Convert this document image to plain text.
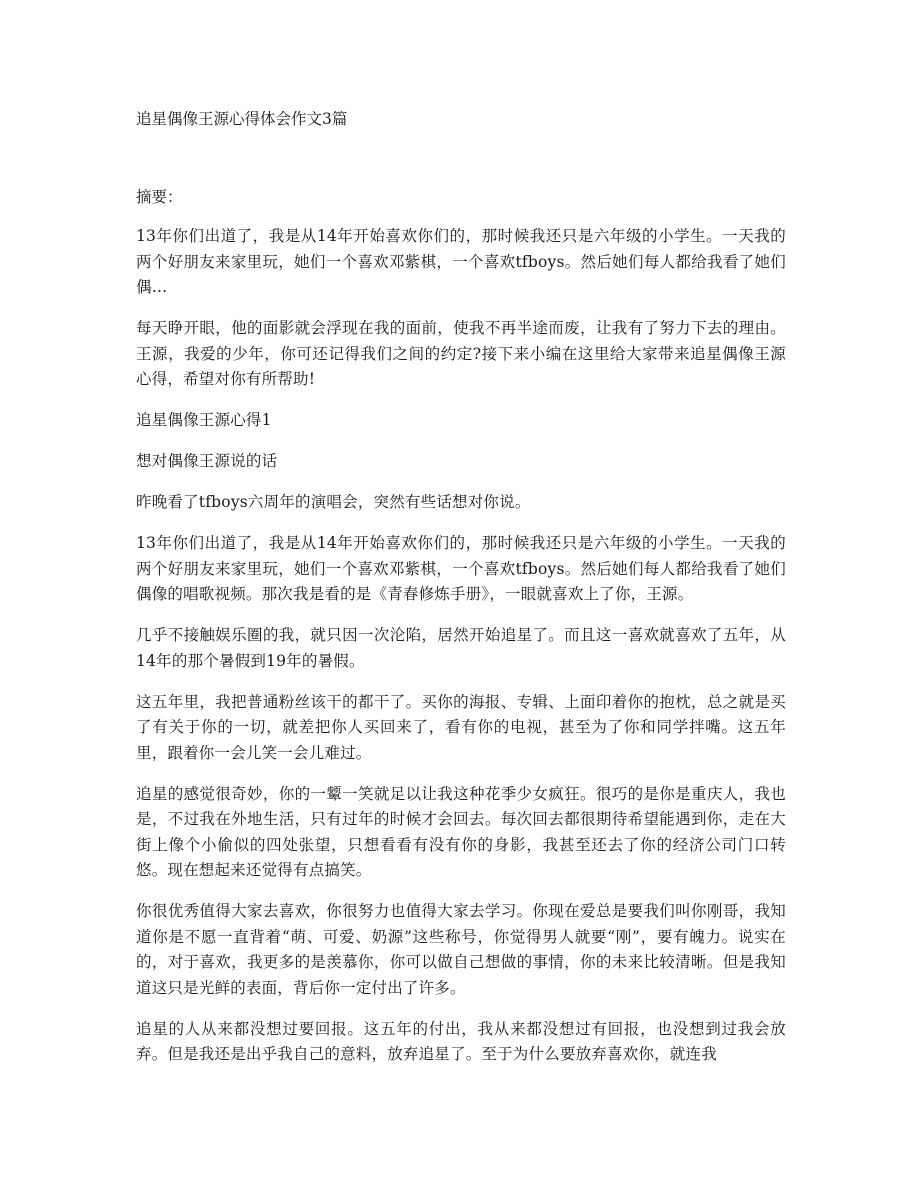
追星偶像王源心得体会作文3篇
摘要：

13年你们出道了，我是从14年开始喜欢你们的，那时候我还只是六年级的小学生。一天我的两个好朋友来家里玩，她们一个喜欢邓紫棋，一个喜欢tfboys。然后她们每人都给我看了她们偶…

每天睁开眼，他的面影就会浮现在我的面前，使我不再半途而废，让我有了努力下去的理由。王源，我爱的少年，你可还记得我们之间的约定?接下来小编在这里给大家带来追星偶像王源心得，希望对你有所帮助!

追星偶像王源心得1

想对偶像王源说的话

昨晚看了tfboys六周年的演唱会，突然有些话想对你说。

13年你们出道了，我是从14年开始喜欢你们的，那时候我还只是六年级的小学生。一天我的两个好朋友来家里玩，她们一个喜欢邓紫棋，一个喜欢tfboys。然后她们每人都给我看了她们偶像的唱歌视频。那次我是看的是《青春修炼手册》，一眼就喜欢上了你，王源。

几乎不接触娱乐圈的我，就只因一次沦陷，居然开始追星了。而且这一喜欢就喜欢了五年，从14年的那个暑假到19年的暑假。

这五年里，我把普通粉丝该干的都干了。买你的海报、专辑、上面印着你的抱枕，总之就是买了有关于你的一切，就差把你人买回来了，看有你的电视，甚至为了你和同学拌嘴。这五年里，跟着你一会儿笑一会儿难过。

追星的感觉很奇妙，你的一颦一笑就足以让我这种花季少女疯狂。很巧的是你是重庆人，我也是，不过我在外地生活，只有过年的时候才会回去。每次回去都很期待希望能遇到你，走在大街上像个小偷似的四处张望，只想看看有没有你的身影，我甚至还去了你的经济公司门口转悠。现在想起来还觉得有点搞笑。

你很优秀值得大家去喜欢，你很努力也值得大家去学习。你现在爱总是要我们叫你刚哥，我知道你是不愿一直背着“萌、可爱、奶源”这些称号，你觉得男人就要“刚”，要有魄力。说实在的，对于喜欢，我更多的是羡慕你，你可以做自己想做的事情，你的未来比较清晰。但是我知道这只是光鲜的表面，背后你一定付出了许多。

追星的人从来都没想过要回报。这五年的付出，我从来都没想过有回报，也没想到过我会放弃。但是我还是出乎我自己的意料，放弃追星了。至于为什么要放弃喜欢你，就连我
